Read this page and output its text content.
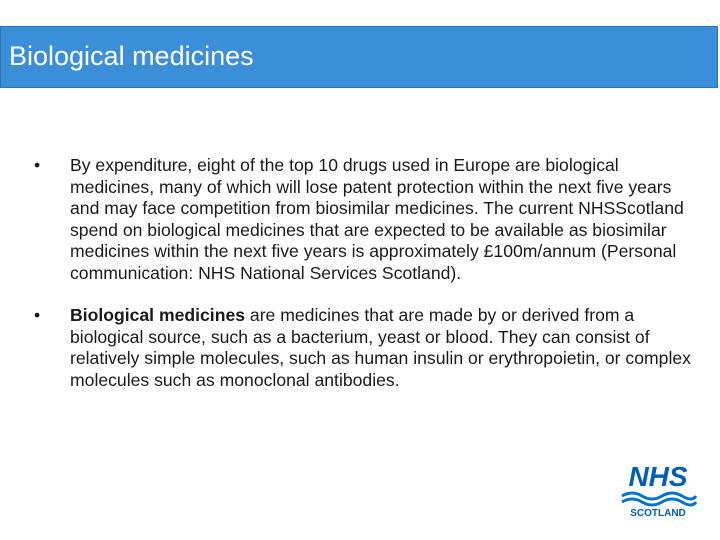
Biological medicines
• By expenditure, eight of the top 10 drugs used in Europe are biological medicines, many of which will lose patent protection within the next five years and may face competition from biosimilar medicines. The current NHSScotland spend on biological medicines that are expected to be available as biosimilar medicines within the next five years is approximately £100m/annum (Personal communication: NHS National Services Scotland).
• Biological medicines are medicines that are made by or derived from a biological source, such as a bacterium, yeast or blood. They can consist of relatively simple molecules, such as human insulin or erythropoietin, or complex molecules such as monoclonal antibodies.
NHS
SCOTLAND
